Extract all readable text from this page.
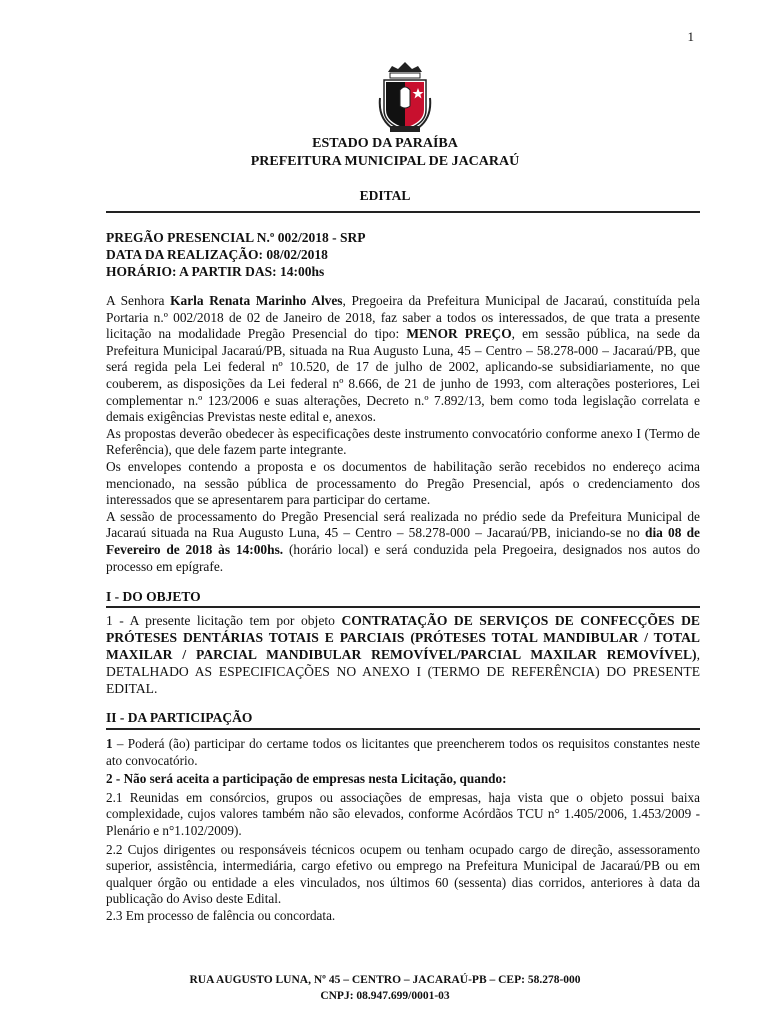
1
ESTADO DA PARAÍBA
PREFEITURA MUNICIPAL DE JACARAÚ
EDITAL
PREGÃO PRESENCIAL N.º 002/2018 - SRP
DATA DA REALIZAÇÃO: 08/02/2018
HORÁRIO: A PARTIR DAS: 14:00hs

A Senhora Karla Renata Marinho Alves, Pregoeira da Prefeitura Municipal de Jacaraú, constituída pela Portaria n.º 002/2018 de 02 de Janeiro de 2018, faz saber a todos os interessados, de que trata a presente licitação na modalidade Pregão Presencial do tipo: MENOR PREÇO, em sessão pública, na sede da Prefeitura Municipal Jacaraú/PB, situada na Rua Augusto Luna, 45 – Centro – 58.278-000 – Jacaraú/PB, que será regida pela Lei federal nº 10.520, de 17 de julho de 2002, aplicando-se subsidiariamente, no que couberem, as disposições da Lei federal nº 8.666, de 21 de junho de 1993, com alterações posteriores, Lei complementar n.º 123/2006 e suas alterações, Decreto n.º 7.892/13, bem como toda legislação correlata e demais exigências Previstas neste edital e, anexos.

As propostas deverão obedecer às especificações deste instrumento convocatório conforme anexo I (Termo de Referência), que dele fazem parte integrante.

Os envelopes contendo a proposta e os documentos de habilitação serão recebidos no endereço acima mencionado, na sessão pública de processamento do Pregão Presencial, após o credenciamento dos interessados que se apresentarem para participar do certame.

A sessão de processamento do Pregão Presencial será realizada no prédio sede da Prefeitura Municipal de Jacaraú situada na Rua Augusto Luna, 45 – Centro – 58.278-000 – Jacaraú/PB, iniciando-se no dia 08 de Fevereiro de 2018 às 14:00hs. (horário local) e será conduzida pela Pregoeira, designados nos autos do processo em epígrafe.

I - DO OBJETO
1 - A presente licitação tem por objeto CONTRATAÇÃO DE SERVIÇOS DE CONFECÇÕES DE PRÓTESES DENTÁRIAS TOTAIS E PARCIAIS (PRÓTESES TOTAL MANDIBULAR / TOTAL MAXILAR / PARCIAL MANDIBULAR REMOVÍVEL/PARCIAL MAXILAR REMOVÍVEL), DETALHADO AS ESPECIFICAÇÕES NO ANEXO I (TERMO DE REFERÊNCIA) DO PRESENTE EDITAL.
II - DA PARTICIPAÇÃO

1 – Poderá (ão) participar do certame todos os licitantes que preencherem todos os requisitos constantes neste ato convocatório.

2 - Não será aceita a participação de empresas nesta Licitação, quando:

2.1 Reunidas em consórcios, grupos ou associações de empresas, haja vista que o objeto possui baixa complexidade, cujos valores também não são elevados, conforme Acórdãos TCU n° 1.405/2006, 1.453/2009 - Plenário e n°1.102/2009).

2.2 Cujos dirigentes ou responsáveis técnicos ocupem ou tenham ocupado cargo de direção, assessoramento superior, assistência, intermediária, cargo efetivo ou emprego na Prefeitura Municipal de Jacaraú/PB ou em qualquer órgão ou entidade a eles vinculados, nos últimos 60 (sessenta) dias corridos, anteriores à data da publicação do Aviso deste Edital.

2.3 Em processo de falência ou concordata.

RUA AUGUSTO LUNA, Nº 45 – CENTRO – JACARAÚ-PB – CEP: 58.278-000
CNPJ: 08.947.699/0001-03
